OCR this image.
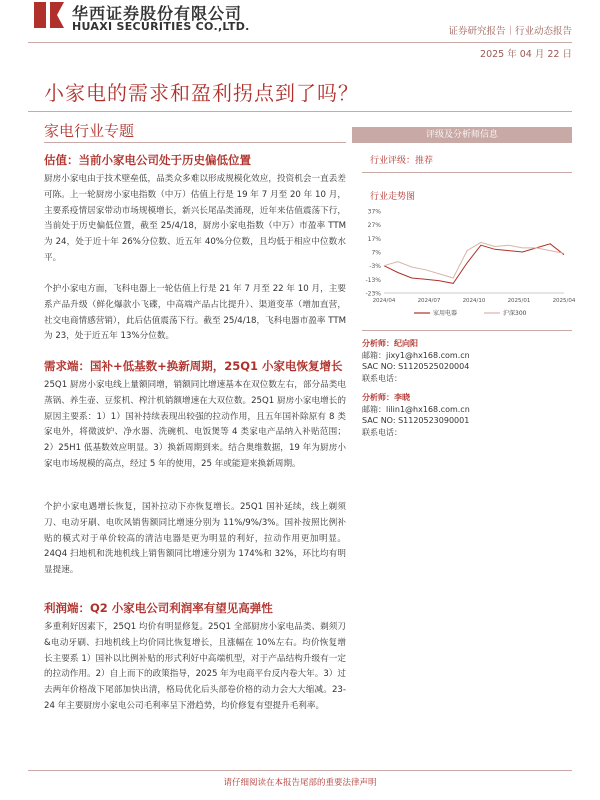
华西证券股份有限公司
HUAXI SECURITIES CO.,LTD.	证券研究报告｜行业动态报告
2025 年 04 月 22 日
小家电的需求和盈利拐点到了吗？
家电行业专题
估值：当前小家电公司处于历史偏低位置
厨房小家电由于技术壁垒低，品类众多难以形成规模化效应，投资机会一直丢差可陈。上一轮厨房小家电指数（中万）估值上行是 19 年 7 月至 20 年 10 月，主要系疫情居家带动市场规模增长，新兴长尾品类涌现，近年来估值震荡下行，当前处于历史偏低位置，截至 25/4/18，厨房小家电指数（中万）市盈率 TTM 为 24，处于近十年 26%分位数、近五年 40%分位数，且均低于相应中位数水平。
个护小家电方面，飞科电器上一轮估值上行是 21 年 7 月至 22 年 10 月，主要系产品升级（鲜化爆款小飞碟，中高端产品占比提升）、渠道变革（增加直营，社交电商情感营销），此后估值震荡下行。截至 25/4/18，飞科电器市盈率 TTM 为 23，处于近五年 13%分位数。
需求端：国补+低基数+换新周期，25Q1 小家电恢复增长
25Q1 厨房小家电线上量额同增，销额同比增速基本在双位数左右，部分品类电蒸锅、养生壶、豆浆机、榨汁机销额增速在大双位数。25Q1 厨房小家电增长的原因主要系：1）1）国补持续表现出较强的拉动作用，且五年国补除原有 8 类家电外，将微波炉、净水器、洗碗机、电饭煲等 4 类家电产品纳入补贴范围；2）25H1 低基数效应明显。3）换新周期到来。结合奥维数据，19 年为厨房小家电市场规模的高点，经过 5 年的使用，25 年或能迎来换新周期。
个护小家电遇增长恢复，国补拉动下亦恢复增长。25Q1 国补延续，线上剃须刀、电动牙刷、电吹风销售额同比增速分别为 11%/9%/3%。国补按照比例补贴的模式对于单价较高的清洁电器是更为明显的利好，拉动作用更加明显。24Q4 扫地机和洗地机线上销售额同比增速分别为 174%和 32%，环比均有明显提速。
利润端：Q2 小家电公司利润率有望见高弹性
多重利好因素下，25Q1 均价有明显修复。25Q1 全部厨房小家电品类、剃须刀&电动牙刷、扫地机线上均价同比恢复增长，且涨幅在 10%左右。均价恢复增长主要系 1）国补以比例补贴的形式利好中高端机型，对于产品结构升级有一定的拉动作用。2）自上而下的政策指导，2025 年为电商平台反内卷大年。3）过去两年价格战下尾部加快出清，格局优化后头部卷价格的动力会大大缩减。23-24 年主要厨房小家电公司毛利率呈下滑趋势，均价修复有望提升毛利率。
评级及分析师信息
行业评级：推荐
行业走势图
37%
27%
17%
7%
-3%
-13%
-23%
2024/04	2024/07	2024/10	2025/01	2025/04
家用电器	沪深300
分析师：纪向阳
邮箱：jixy1@hx168.com.cn
SAC NO: S1120525020004
联系电话：
分析师：李晓
邮箱：lilin1@hx168.com.cn
SAC NO: S1120523090001
联系电话：
请仔细阅读在本报告尾部的重要法律声明
